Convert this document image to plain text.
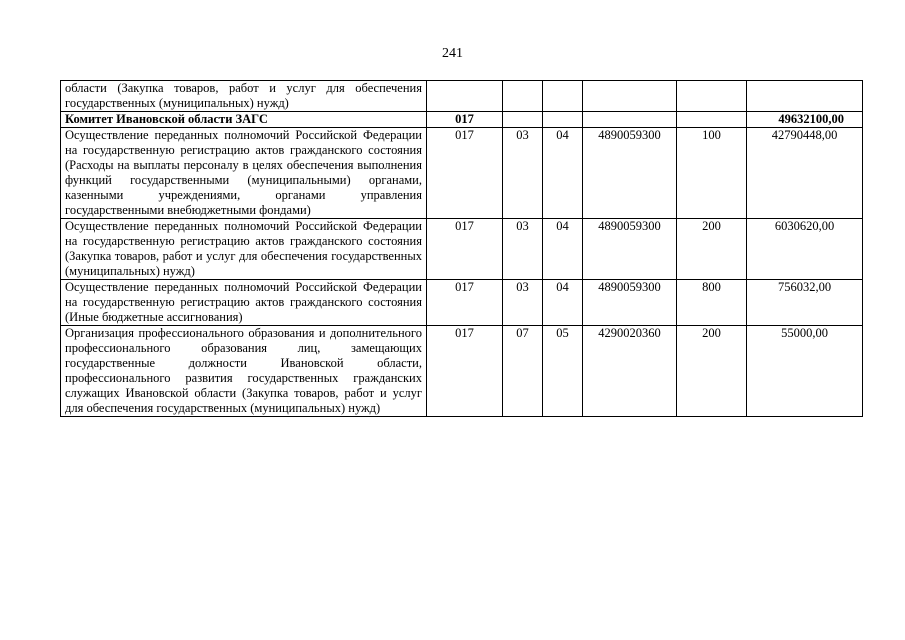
241
области (Закупка товаров, работ и услуг для обеспечения государственных (муниципальных) нужд)						
Комитет Ивановской области ЗАГС	017					49632100,00
Осуществление переданных полномочий Российской Федерации на государственную регистрацию актов гражданского состояния (Расходы на выплаты персоналу в целях обеспечения выполнения функций государственными (муниципальными) органами, казенными учреждениями, органами управления государственными внебюджетными фондами)	017	03	04	4890059300	100	42790448,00
Осуществление переданных полномочий Российской Федерации на государственную регистрацию актов гражданского состояния (Закупка товаров, работ и услуг для обеспечения государственных (муниципальных) нужд)	017	03	04	4890059300	200	6030620,00
Осуществление переданных полномочий Российской Федерации на государственную регистрацию актов гражданского состояния (Иные бюджетные ассигнования)	017	03	04	4890059300	800	756032,00
Организация профессионального образования и дополнительного профессионального образования лиц, замещающих государственные должности Ивановской области, профессионального развития государственных гражданских служащих Ивановской области (Закупка товаров, работ и услуг для обеспечения государственных (муниципальных) нужд)	017	07	05	4290020360	200	55000,00
